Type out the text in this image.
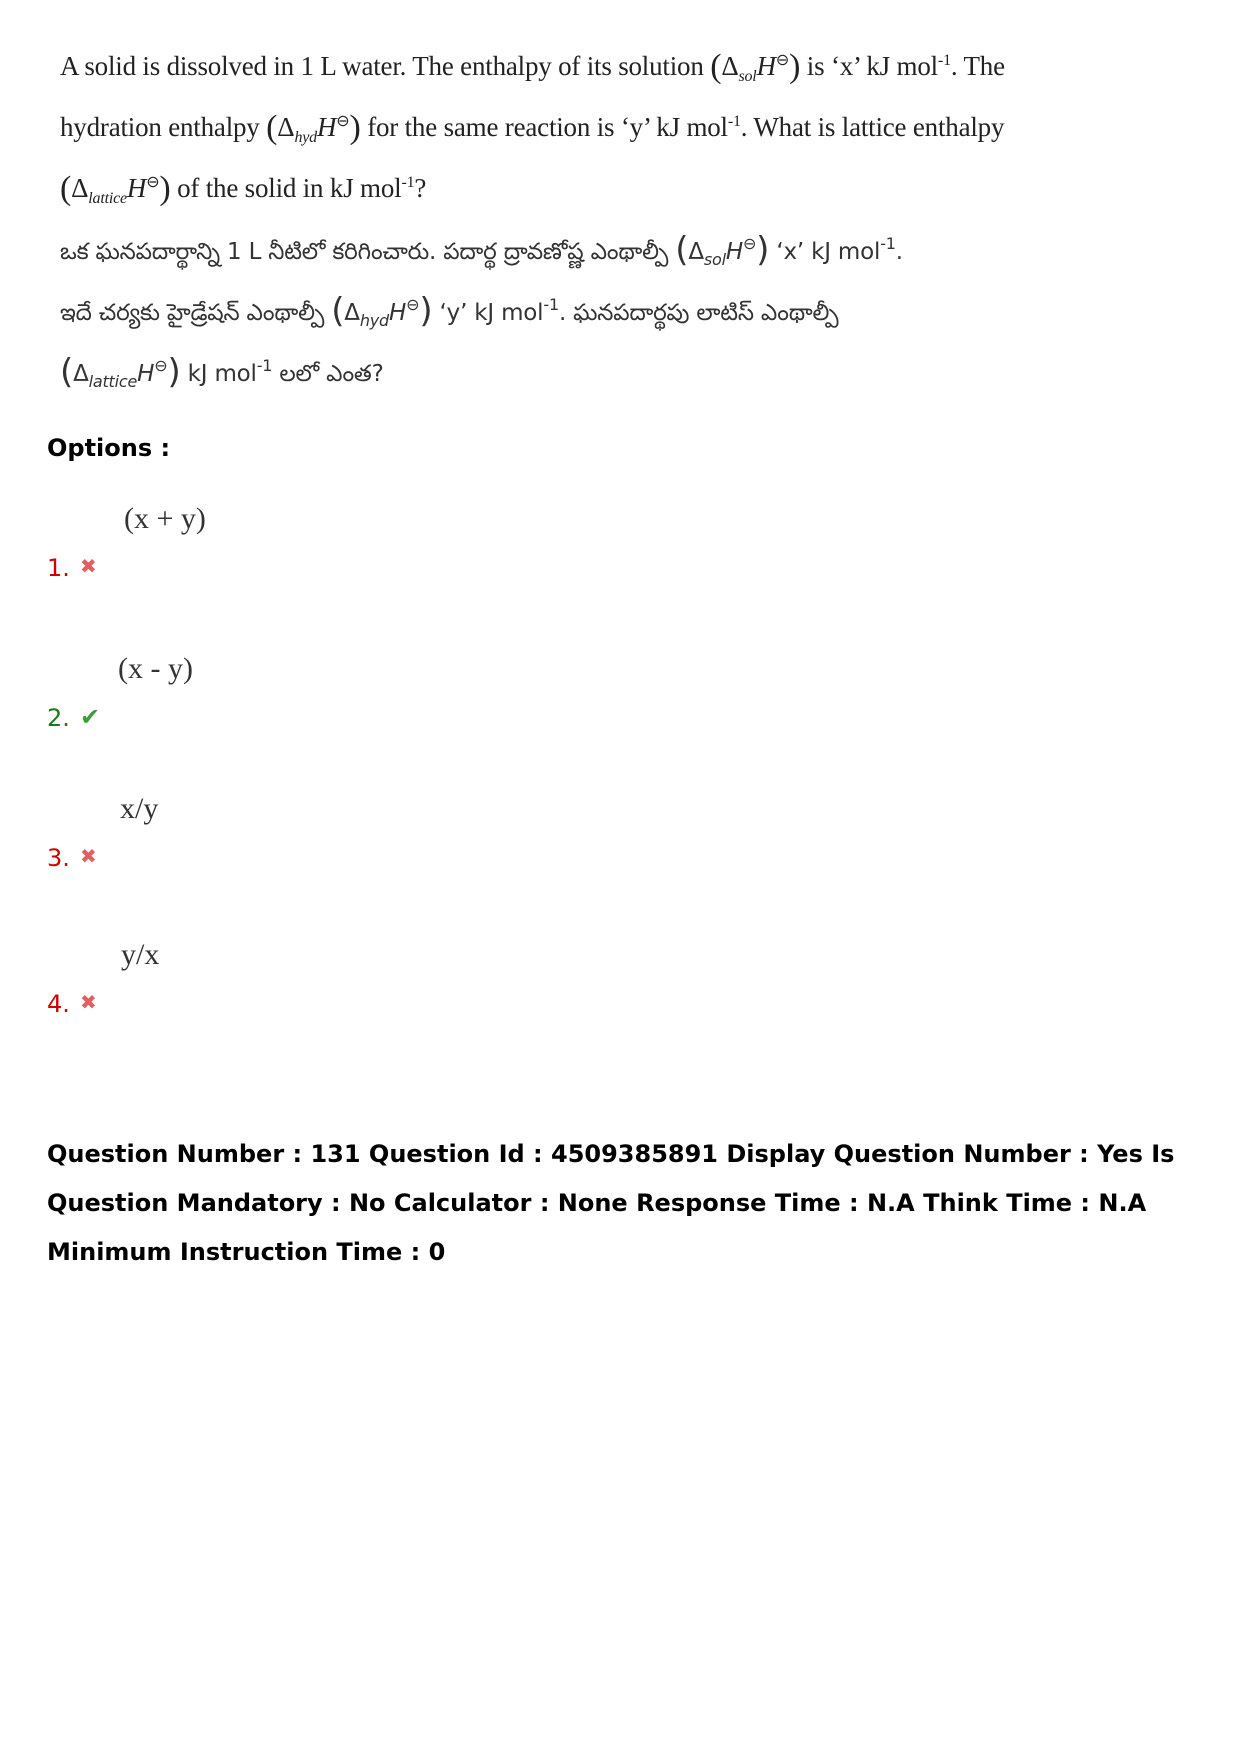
A solid is dissolved in 1 L water. The enthalpy of its solution $(\Delta_{sol}H^⊖)$ is ‘x’ kJ mol$^{-1}$. The
hydration enthalpy $(\Delta_{hyd}H^⊖)$ for the same reaction is ‘y’ kJ mol$^{-1}$. What is lattice enthalpy
$(\Delta_{lattice}H^⊖)$ of the solid in kJ mol$^{-1}$?
ఒక ఘనపదార్థాన్ని 1 L నీటిలో కరిగించారు. పదార్థ ద్రావణోష్ణ ఎంథాల్పీ $(\Delta_{sol}H^⊖)$ ‘x’ kJ mol$^{-1}$.
ఇదే చర్యకు హైడ్రేషన్ ఎంథాల్పీ $(\Delta_{hyd}H^⊖)$ ‘y’ kJ mol$^{-1}$. ఘనపదార్థపు లాటిస్ ఎంథాల్పీ
$(\Delta_{lattice}H^⊖)$ kJ mol$^{-1}$ లలో ఎంత?
Options :
1. ✖
(x + y)
2. ✔
(x - y)
3. ✖
x/y
4. ✖
y/x
Question Number : 131 Question Id : 4509385891 Display Question Number : Yes Is Question Mandatory : No Calculator : None Response Time : N.A Think Time : N.A Minimum Instruction Time : 0
